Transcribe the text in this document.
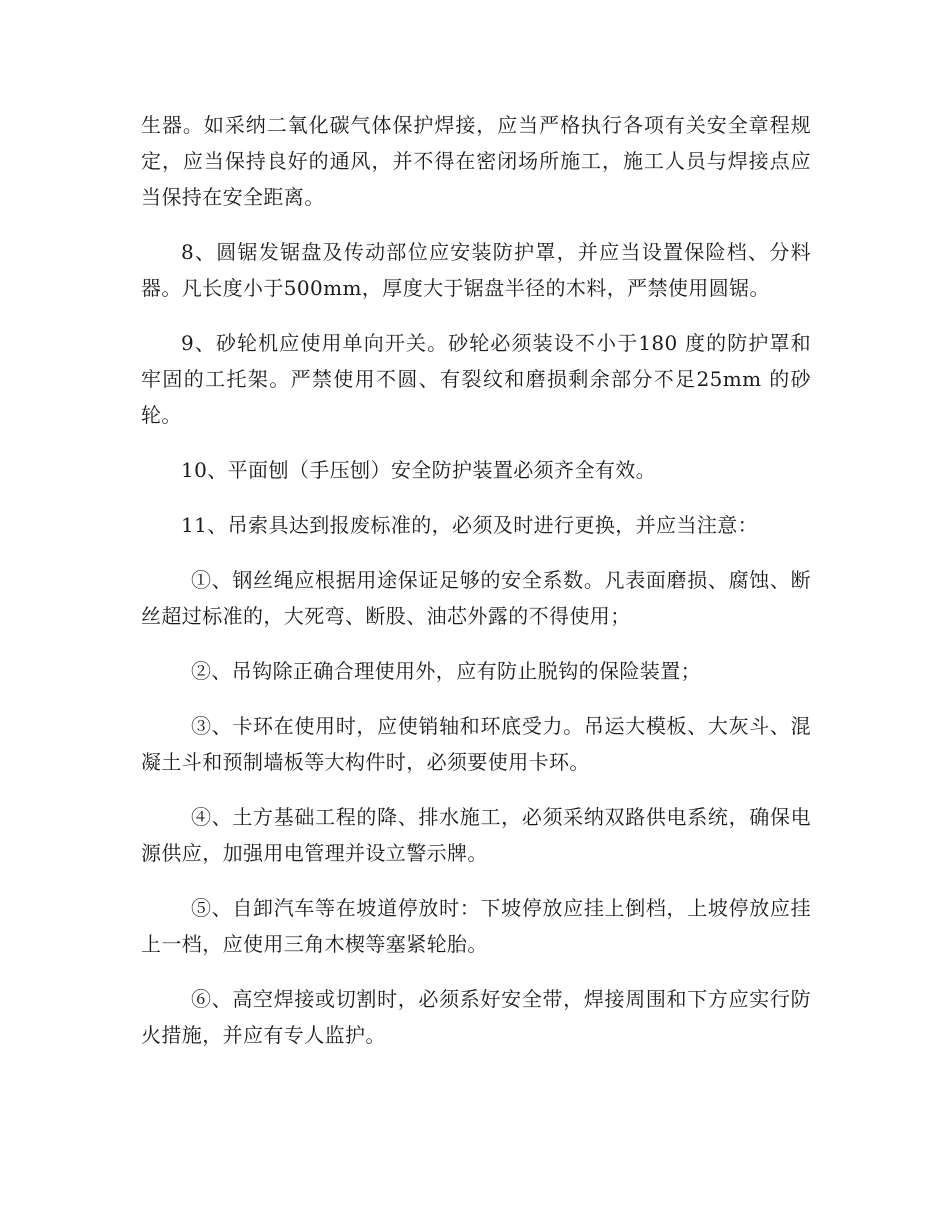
生器。如采纳二氧化碳气体保护焊接，应当严格执行各项有关安全章程规定，应当保持良好的通风，并不得在密闭场所施工，施工人员与焊接点应当保持在安全距离。

8、圆锯发锯盘及传动部位应安装防护罩，并应当设置保险档、分料器。凡长度小于500mm，厚度大于锯盘半径的木料，严禁使用圆锯。

9、砂轮机应使用单向开关。砂轮必须装设不小于180 度的防护罩和牢固的工托架。严禁使用不圆、有裂纹和磨损剩余部分不足25mm 的砂轮。

10、平面刨（手压刨）安全防护装置必须齐全有效。

11、吊索具达到报废标准的，必须及时进行更换，并应当注意：

①、钢丝绳应根据用途保证足够的安全系数。凡表面磨损、腐蚀、断丝超过标准的，大死弯、断股、油芯外露的不得使用；

②、吊钩除正确合理使用外，应有防止脱钩的保险装置；

③、卡环在使用时，应使销轴和环底受力。吊运大模板、大灰斗、混凝土斗和预制墙板等大构件时，必须要使用卡环。

④、土方基础工程的降、排水施工，必须采纳双路供电系统，确保电源供应，加强用电管理并设立警示牌。

⑤、自卸汽车等在坡道停放时：下坡停放应挂上倒档，上坡停放应挂上一档，应使用三角木楔等塞紧轮胎。

⑥、高空焊接或切割时，必须系好安全带，焊接周围和下方应实行防火措施，并应有专人监护。
